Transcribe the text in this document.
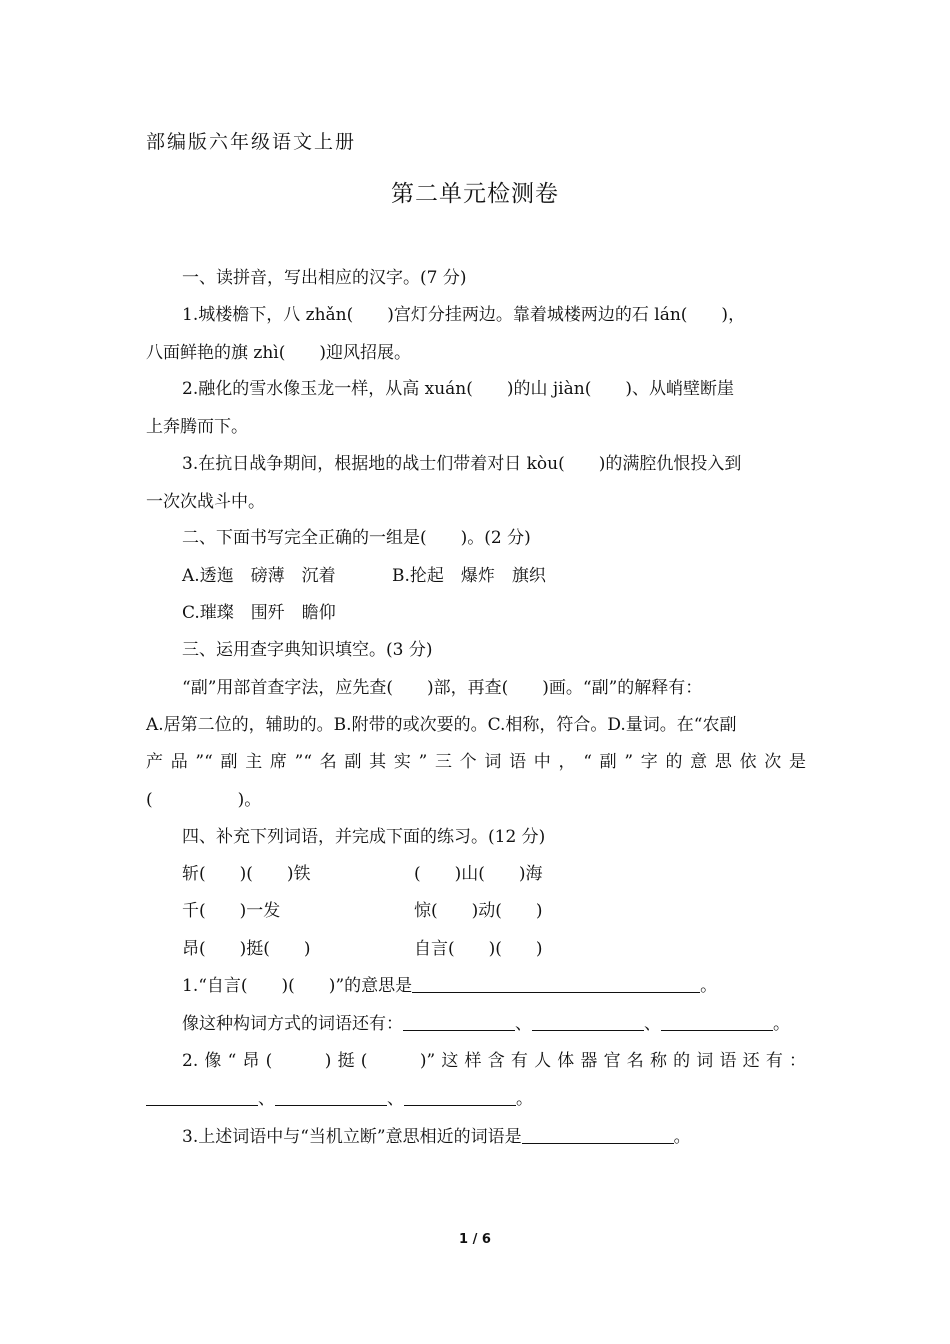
部编版六年级语文上册
第二单元检测卷
一、读拼音，写出相应的汉字。(7 分)
1.城楼檐下，八 zhǎn(　　)宫灯分挂两边。靠着城楼两边的石 lán(　　)，
八面鲜艳的旗 zhì(　　)迎风招展。
2.融化的雪水像玉龙一样，从高 xuán(　　)的山 jiàn(　　)、从峭壁断崖
上奔腾而下。
3.在抗日战争期间，根据地的战士们带着对日 kòu(　　)的满腔仇恨投入到
一次次战斗中。
二、下面书写完全正确的一组是(　　)。(2 分)
A.透迤　磅薄　沉着	B.抡起　爆炸　旗织
C.璀璨　围歼　瞻仰
三、运用查字典知识填空。(3 分)
“副”用部首查字法，应先查(　　)部，再查(　　)画。“副”的解释有：
A.居第二位的，辅助的。B.附带的或次要的。C.相称，符合。D.量词。在“农副
产品”“副主席”“名副其实”三个词语中，“副”字的意思依次是
(　　　　　)。
四、补充下列词语，并完成下面的练习。(12 分)
斩(　　)(　　)铁	(　　)山(　　)海
千(　　)一发	惊(　　)动(　　)
昂(　　)挺(　　)	自言(　　)(　　)
1.“自言(　　)(　　)”的意思是	。
像这种构词方式的词语还有：	、	、	。
2.像“昂(　　)挺(　　)”这样含有人体器官名称的词语还有：
、	、	。
3.上述词语中与“当机立断”意思相近的词语是	。
1 / 6
